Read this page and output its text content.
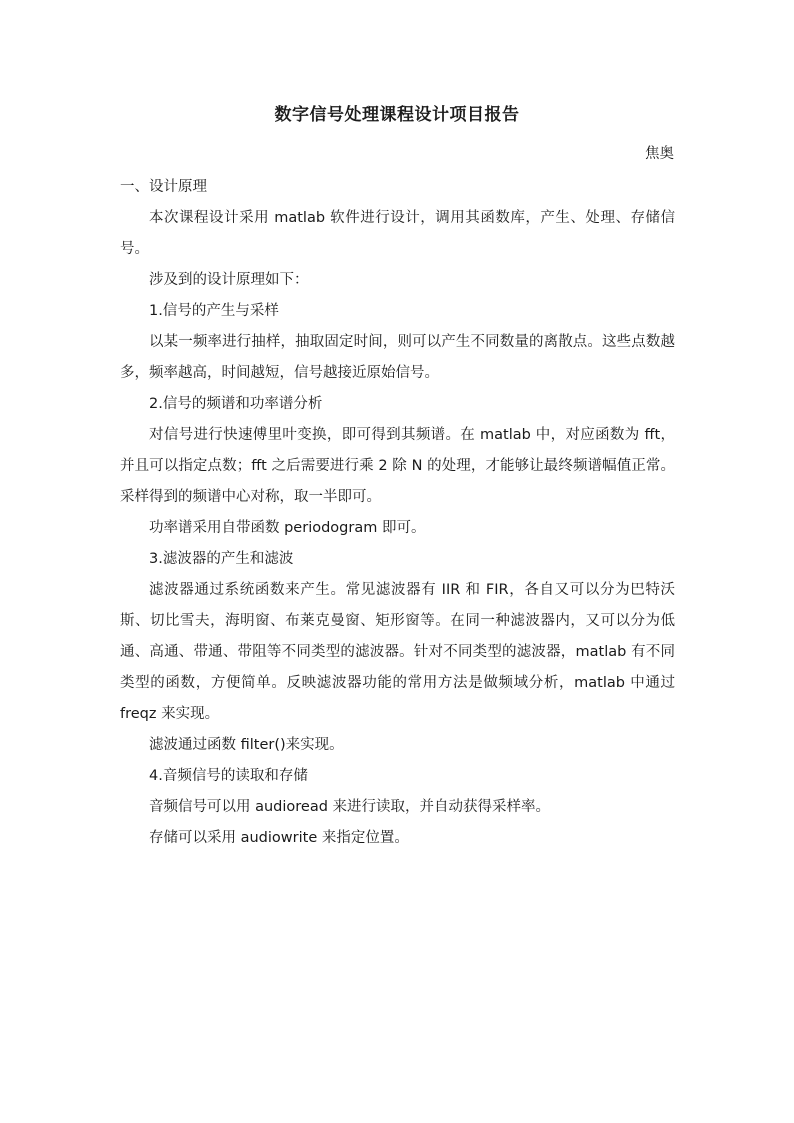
数字信号处理课程设计项目报告
焦奥

一、设计原理

本次课程设计采用 matlab 软件进行设计，调用其函数库，产生、处理、存储信号。

涉及到的设计原理如下：

1.信号的产生与采样

以某一频率进行抽样，抽取固定时间，则可以产生不同数量的离散点。这些点数越多，频率越高，时间越短，信号越接近原始信号。

2.信号的频谱和功率谱分析

对信号进行快速傅里叶变换，即可得到其频谱。在 matlab 中，对应函数为 fft，并且可以指定点数；fft 之后需要进行乘 2 除 N 的处理，才能够让最终频谱幅值正常。采样得到的频谱中心对称，取一半即可。

功率谱采用自带函数 periodogram 即可。

3.滤波器的产生和滤波

滤波器通过系统函数来产生。常见滤波器有 IIR 和 FIR，各自又可以分为巴特沃斯、切比雪夫，海明窗、布莱克曼窗、矩形窗等。在同一种滤波器内，又可以分为低通、高通、带通、带阻等不同类型的滤波器。针对不同类型的滤波器，matlab 有不同类型的函数，方便简单。反映滤波器功能的常用方法是做频域分析，matlab 中通过 freqz 来实现。

滤波通过函数 filter()来实现。

4.音频信号的读取和存储

音频信号可以用 audioread 来进行读取，并自动获得采样率。

存储可以采用 audiowrite 来指定位置。
